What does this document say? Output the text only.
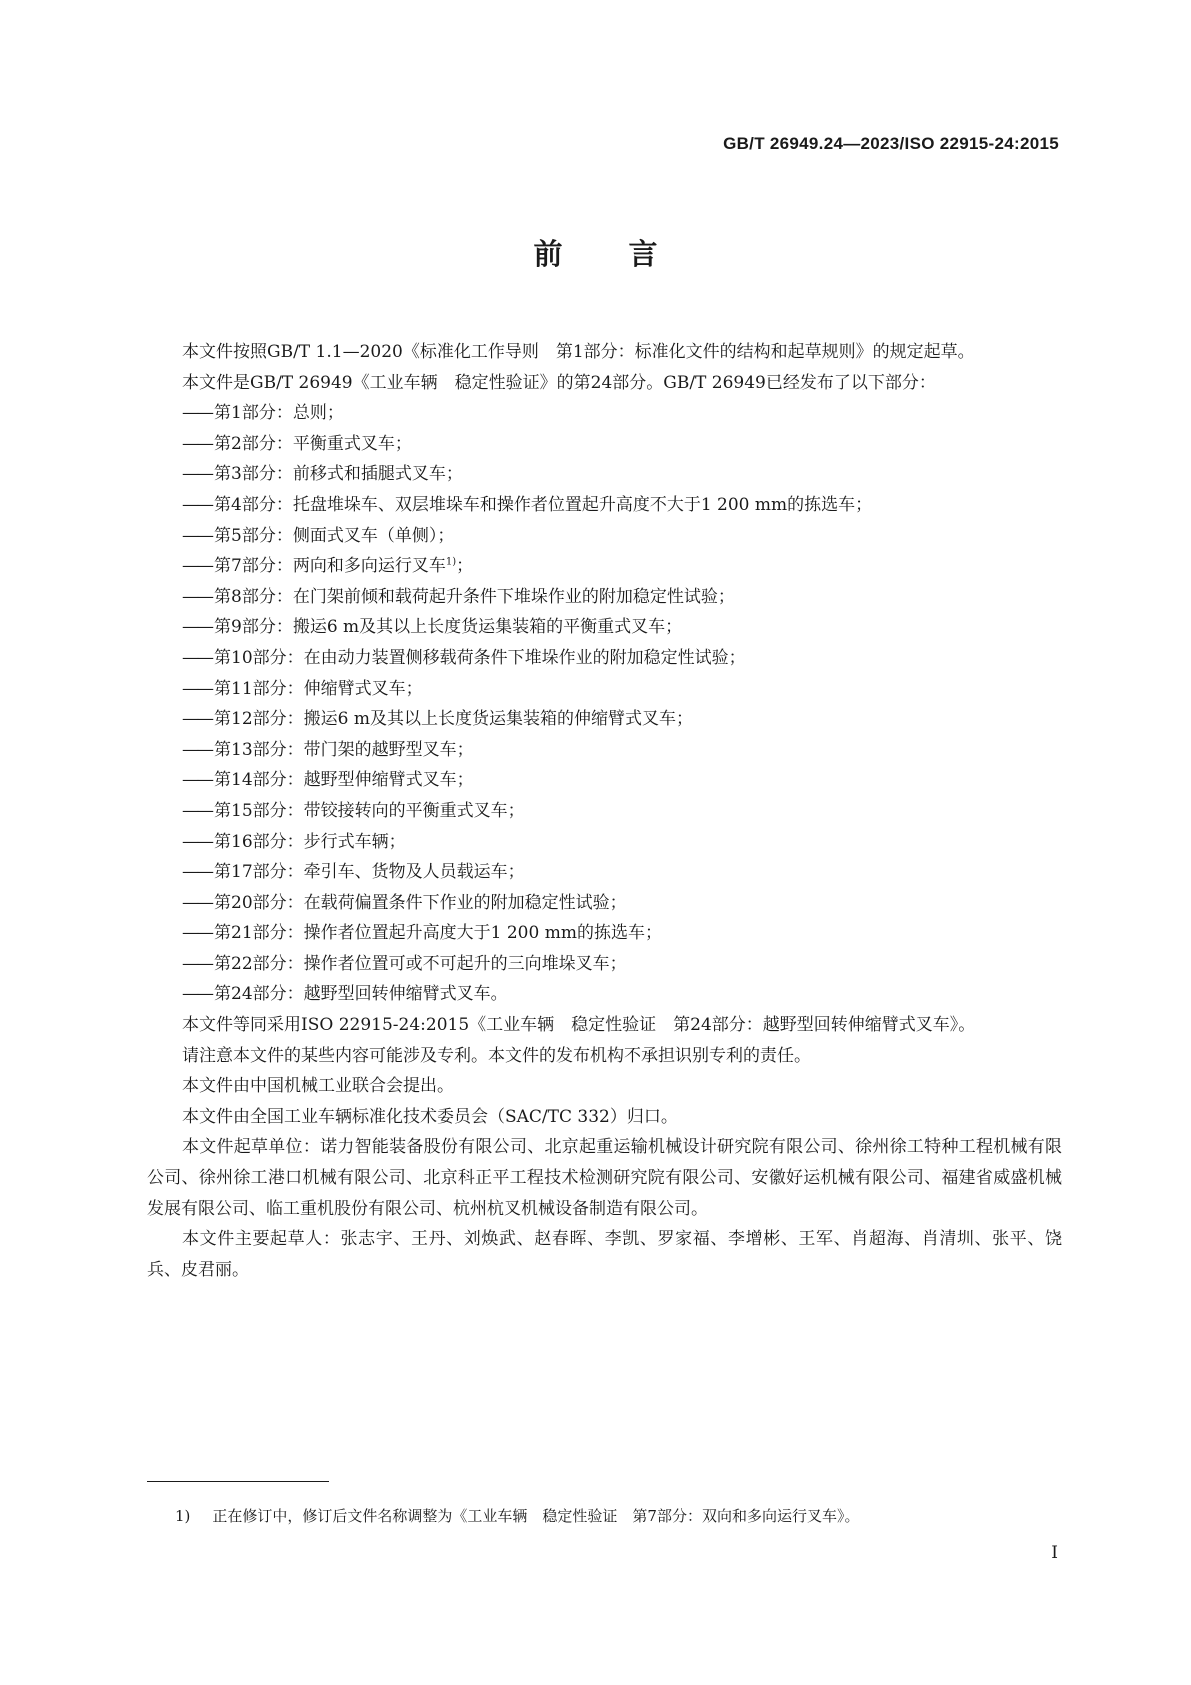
GB/T 26949.24—2023/ISO 22915-24:2015
前 言

本文件按照GB/T 1.1—2020《标准化工作导则　第1部分：标准化文件的结构和起草规则》的规定起草。

本文件是GB/T 26949《工业车辆　稳定性验证》的第24部分。GB/T 26949已经发布了以下部分：

—— 第1部分：总则；

—— 第2部分：平衡重式叉车；

—— 第3部分：前移式和插腿式叉车；

—— 第4部分：托盘堆垛车、双层堆垛车和操作者位置起升高度不大于1 200 mm的拣选车；

—— 第5部分：侧面式叉车（单侧）；

—— 第7部分：两向和多向运行叉车$^{1)}$；

—— 第8部分：在门架前倾和载荷起升条件下堆垛作业的附加稳定性试验；

—— 第9部分：搬运6 m及其以上长度货运集装箱的平衡重式叉车；

—— 第10部分：在由动力装置侧移载荷条件下堆垛作业的附加稳定性试验；

—— 第11部分：伸缩臂式叉车；

—— 第12部分：搬运6 m及其以上长度货运集装箱的伸缩臂式叉车；

—— 第13部分：带门架的越野型叉车；

—— 第14部分：越野型伸缩臂式叉车；

—— 第15部分：带铰接转向的平衡重式叉车；

—— 第16部分：步行式车辆；

—— 第17部分：牵引车、货物及人员载运车；

—— 第20部分：在载荷偏置条件下作业的附加稳定性试验；

—— 第21部分：操作者位置起升高度大于1 200 mm的拣选车；

—— 第22部分：操作者位置可或不可起升的三向堆垛叉车；

—— 第24部分：越野型回转伸缩臂式叉车。

本文件等同采用ISO 22915-24:2015《工业车辆　稳定性验证　第24部分：越野型回转伸缩臂式叉车》。

请注意本文件的某些内容可能涉及专利。本文件的发布机构不承担识别专利的责任。

本文件由中国机械工业联合会提出。

本文件由全国工业车辆标准化技术委员会（SAC/TC 332）归口。

本文件起草单位：诺力智能装备股份有限公司、北京起重运输机械设计研究院有限公司、徐州徐工特种工程机械有限公司、徐州徐工港口机械有限公司、北京科正平工程技术检测研究院有限公司、安徽好运机械有限公司、福建省威盛机械发展有限公司、临工重机股份有限公司、杭州杭叉机械设备制造有限公司。

本文件主要起草人：张志宇、王丹、刘焕武、赵春晖、李凯、罗家福、李增彬、王军、肖超海、肖清圳、张平、饶兵、皮君丽。

1) 正在修订中，修订后文件名称调整为《工业车辆　稳定性验证　第7部分：双向和多向运行叉车》。
I
